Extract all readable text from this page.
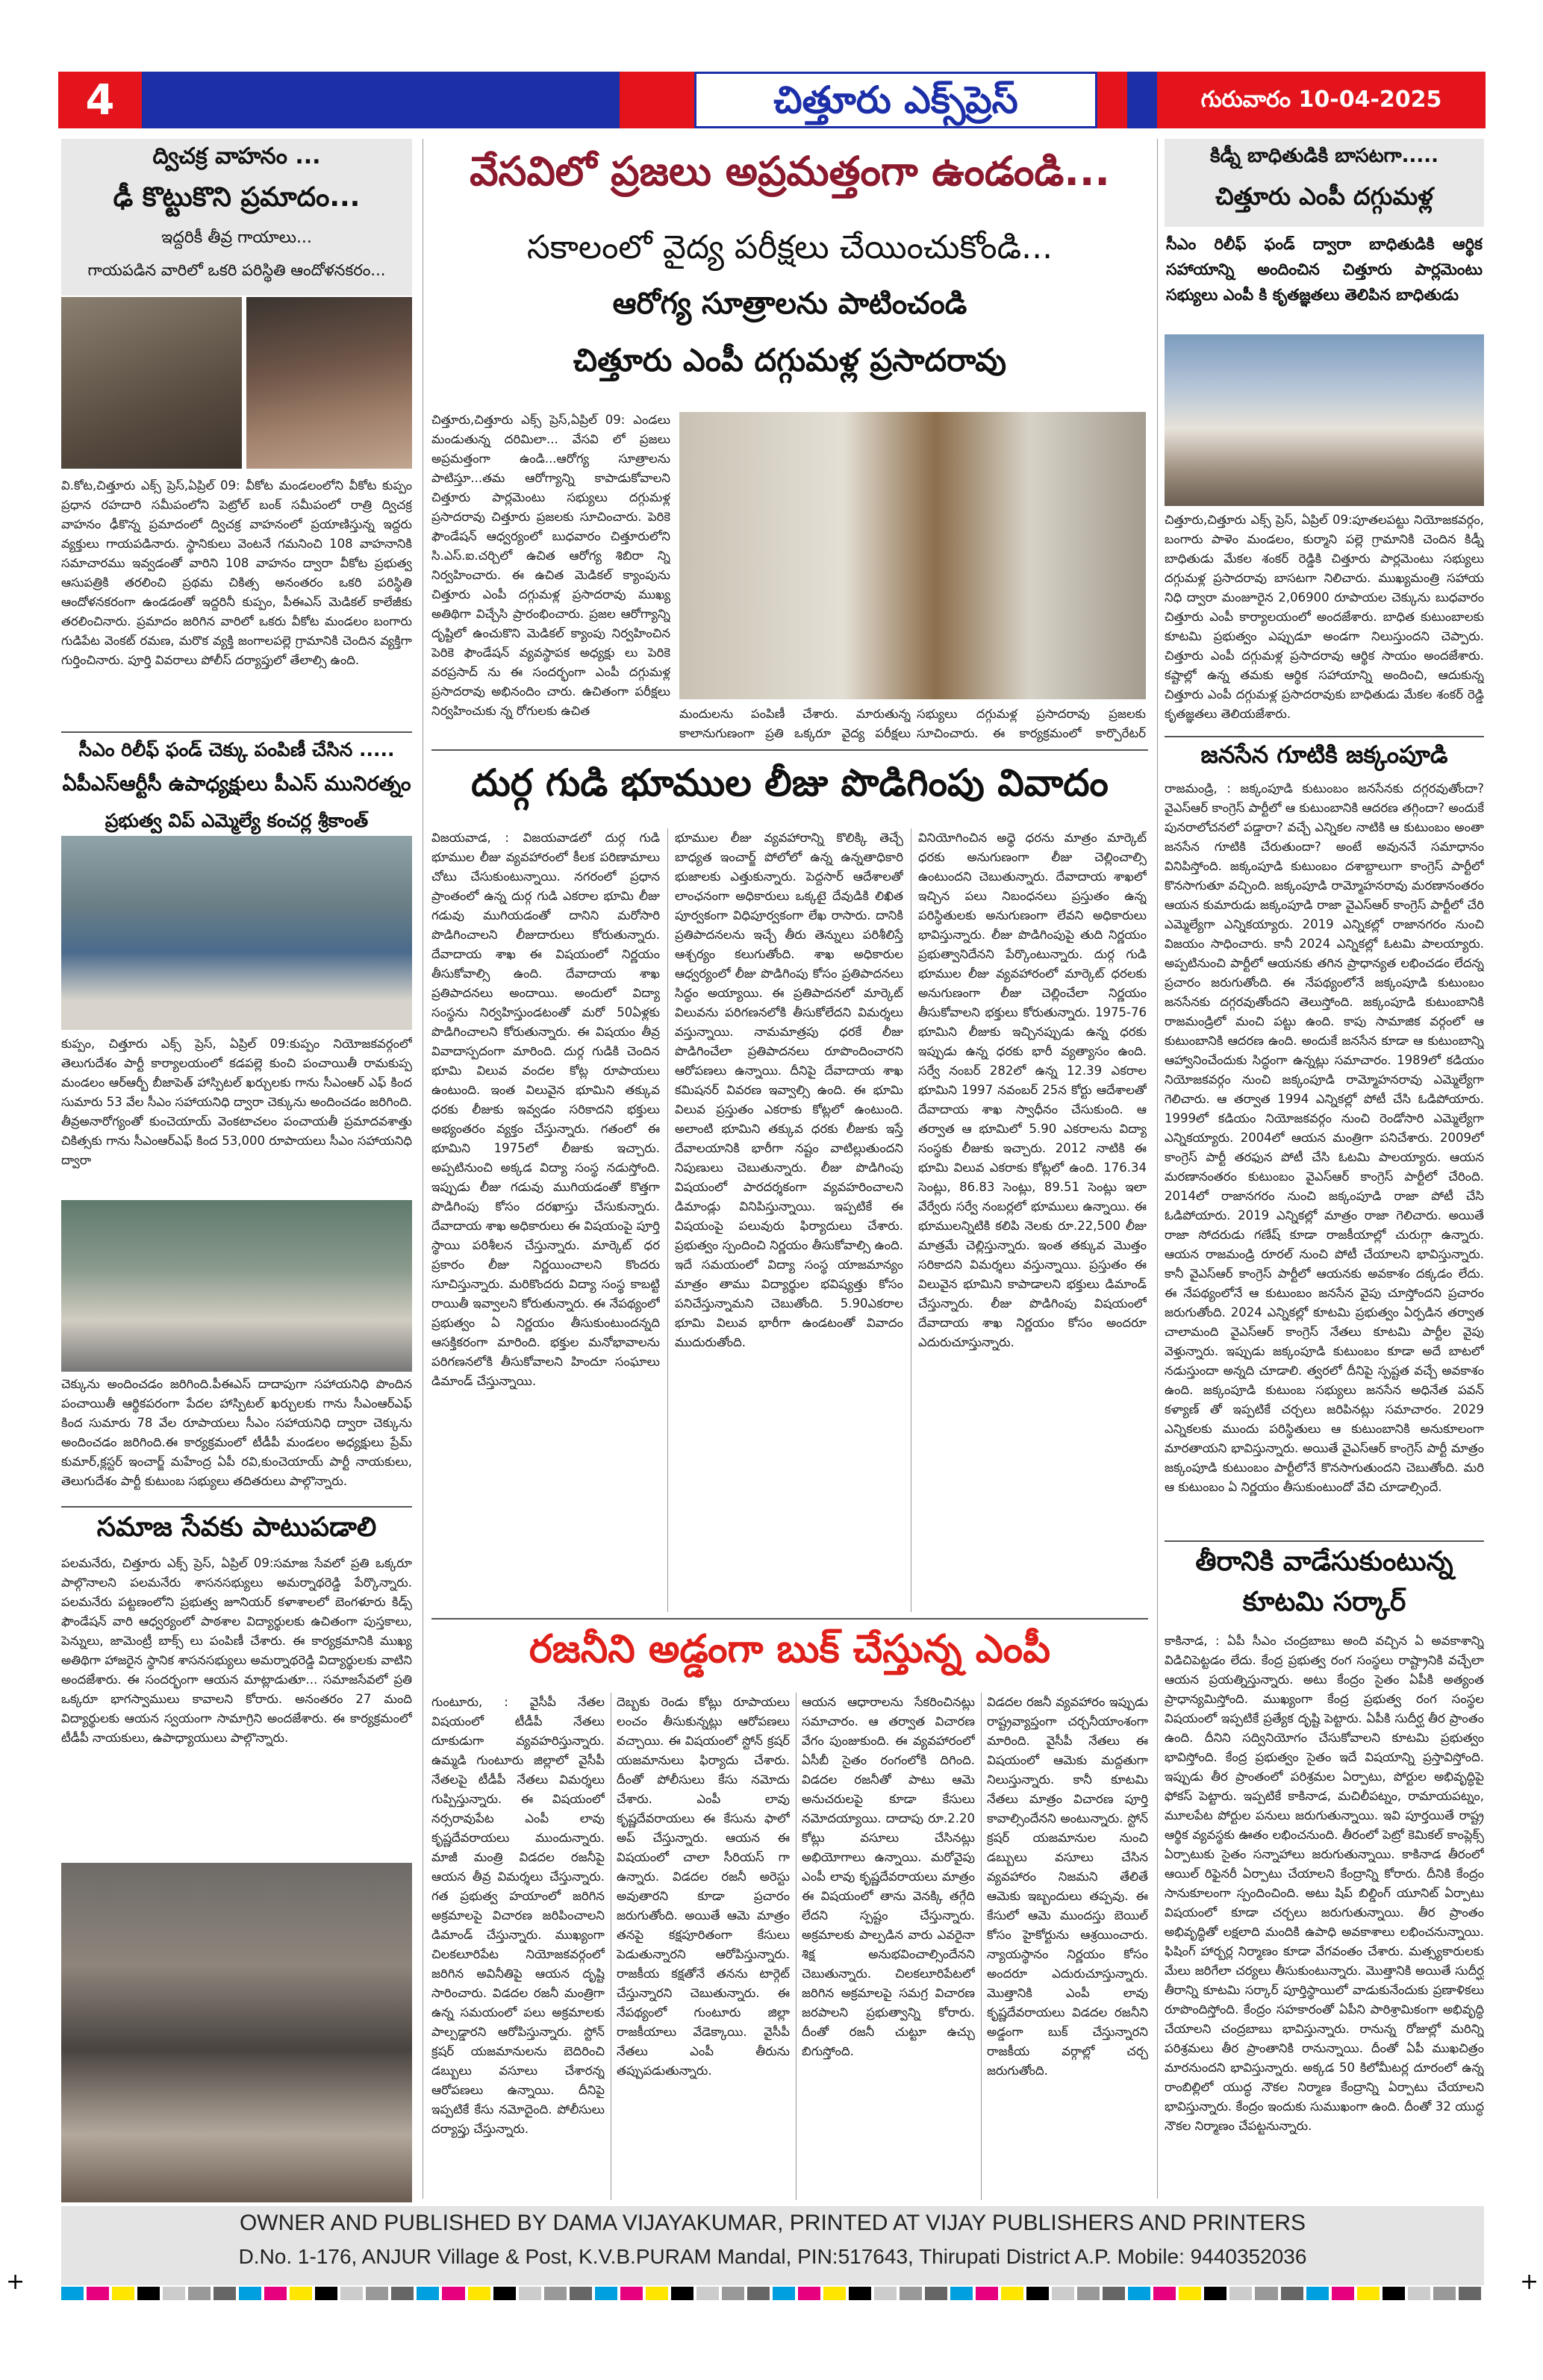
4	చిత్తూరు ఎక్స్‌ప్రెస్	గురువారం 10-04-2025

ద్విచక్ర వాహనం ...

ఢీ కొట్టుకొని ప్రమాదం...

ఇద్దరికీ తీవ్ర గాయాలు...

గాయపడిన వారిలో ఒకరి పరిస్థితి ఆందోళనకరం...

వి.కోట,చిత్తూరు ఎక్స్ ప్రెస్,ఏప్రిల్ 09: వీకోట మండలంలోని వీకోట కుప్పం ప్రధాన రహదారి సమీపంలోని పెట్రోల్ బంక్ సమీపంలో రాత్రి ద్విచక్ర వాహనం ఢీకొన్న ప్రమాదంలో ద్విచక్ర వాహనంలో ప్రయాణిస్తున్న ఇద్దరు వ్యక్తులు గాయపడినారు. స్థానికులు వెంటనే గమనించి 108 వాహనానికి సమాచారము ఇవ్వడంతో వారిని 108 వాహనం ద్వారా వీకోట ప్రభుత్వ ఆసుపత్రికి తరలించి ప్రథమ చికిత్స అనంతరం ఒకరి పరిస్థితి ఆందోళనకరంగా ఉండడంతో ఇద్దరినీ కుప్పం, పీఈఎస్ మెడికల్ కాలేజీకు తరలించినారు. ప్రమాదం జరిగిన వారిలో ఒకరు వీకోట మండలం బంగారు గుడిపేట వెంకట్ రమణ, మరొక వ్యక్తి జంగాలపల్లె గ్రామానికి చెందిన వ్యక్తిగా గుర్తించినారు. పూర్తి వివరాలు పోలీస్ దర్యాప్తులో తేలాల్సి ఉంది.

సీఎం రిలీఫ్ ఫండ్ చెక్కు పంపిణీ చేసిన .....

ఏపీఎస్ఆర్టీసీ ఉపాధ్యక్షులు పీఎస్ మునిరత్నం

ప్రభుత్వ విప్ ఎమ్మెల్యే కంచర్ల శ్రీకాంత్

కుప్పం, చిత్తూరు ఎక్స్ ప్రెస్, ఏప్రిల్ 09:కుప్పం నియోజకవర్గంలో తెలుగుదేశం పార్టీ కార్యాలయంలో కడపల్లె కుంచి పంచాయితీ రామకుప్ప మండలం ఆర్ఆర్బీ బీజాపెత్ హాస్పిటల్ ఖర్చులకు గాను సీఎంఆర్ ఎఫ్ కింద సుమారు 53 వేల సీఎం సహాయనిధి ద్వారా చెక్కును అందించడం జరిగింది. తీవ్రఅనారోగ్యంతో కుంచెయాయ్ వెంకటాచలం పంచాయతీ ప్రమాదవశాత్తు చికిత్సకు గాను సీఎంఆర్ఎఫ్ కింద 53,000 రూపాయలు సీఎం సహాయనిధి ద్వారా

చెక్కును అందించడం జరిగింది.పీఈఎస్ దాదాపుగా సహాయనిధి పొందిన పంచాయితీ ఆర్థికపరంగా పేదల హాస్పిటల్ ఖర్చులకు గాను సీఎంఆర్ఎఫ్ కింద సుమారు 78 వేల రూపాయలు సీఎం సహాయనిధి ద్వారా చెక్కును అందించడం జరిగింది.ఈ కార్యక్రమంలో టీడీపీ మండలం అధ్యక్షులు ప్రేమ్ కుమార్,క్లస్టర్ ఇంచార్జ్ మహేంద్ర ఏపీ రవి,కుంచెయాయ్ పార్టీ నాయకులు, తెలుగుదేశం పార్టీ కుటుంబ సభ్యులు తదితరులు పాల్గొన్నారు.

సమాజ సేవకు పాటుపడాలి

పలమనేరు, చిత్తూరు ఎక్స్ ప్రెస్, ఏప్రిల్ 09:సమాజ సేవలో ప్రతి ఒక్కరూ పాల్గొనాలని పలమనేరు శాసనసభ్యులు అమర్నాథరెడ్డి పేర్కొన్నారు. పలమనేరు పట్టణంలోని ప్రభుత్వ జూనియర్ కళాశాలలో బెంగళూరు కిడ్స్ ఫౌండేషన్ వారి ఆధ్వర్యంలో పాఠశాల విద్యార్థులకు ఉచితంగా పుస్తకాలు, పెన్నులు, జామెంట్రీ బాక్స్ లు పంపిణీ చేశారు. ఈ కార్యక్రమానికి ముఖ్య అతిథిగా హాజరైన స్థానిక శాసనసభ్యులు అమర్నాథరెడ్డి విద్యార్థులకు వాటిని అందజేశారు. ఈ సందర్భంగా ఆయన మాట్లాడుతూ... సమాజసేవలో ప్రతి ఒక్కరూ భాగస్వాములు కావాలని కోరారు. అనంతరం 27 మంది విద్యార్థులకు ఆయన స్వయంగా సామాగ్రిని అందజేశారు. ఈ కార్యక్రమంలో టీడీపీ నాయకులు, ఉపాధ్యాయులు పాల్గొన్నారు.

వేసవిలో ప్రజలు అప్రమత్తంగా ఉండండి...

సకాలంలో వైద్య పరీక్షలు చేయించుకోండి...

ఆరోగ్య సూత్రాలను పాటించండి

చిత్తూరు ఎంపీ దగ్గుమళ్ల ప్రసాదరావు

చిత్తూరు,చిత్తూరు ఎక్స్ ప్రెస్,ఏప్రిల్ 09: ఎండలు మండుతున్న దరిమిలా... వేసవి లో ప్రజలు అప్రమత్తంగా ఉండి...ఆరోగ్య సూత్రాలను పాటిస్తూ...తమ ఆరోగ్యాన్ని కాపాడుకోవాలని చిత్తూరు పార్లమెంటు సభ్యులు దగ్గుమళ్ల ప్రసాదరావు చిత్తూరు ప్రజలకు సూచించారు. పెరికె ఫౌండేషన్ ఆధ్వర్యంలో బుధవారం చిత్తూరులోని సి.ఎస్.ఐ.చర్చిలో ఉచిత ఆరోగ్య శిబిరా న్ని నిర్వహించారు. ఈ ఉచిత మెడికల్ క్యాంపును చిత్తూరు ఎంపీ దగ్గుమళ్ల ప్రసాదరావు ముఖ్య అతిథిగా విచ్చేసి ప్రారంభించారు. ప్రజల ఆరోగ్యాన్ని దృష్టిలో ఉంచుకొని మెడికల్ క్యాంపు నిర్వహించిన పెరికె ఫౌండేషన్ వ్యవస్థాపక అధ్యక్షు లు పెరికె వరప్రసాద్ ను ఈ సందర్భంగా ఎంపీ దగ్గుమళ్ల ప్రసాదరావు అభినందిం చారు. ఉచితంగా పరీక్షలు నిర్వహించుకు న్న రోగులకు ఉచిత	మందులను పంపిణీ చేశారు. మారుతున్న కాలానుగుణంగా ప్రతి ఒక్కరూ వైద్య పరీక్షలు

సభ్యులు దగ్గుమళ్ల ప్రసాదరావు ప్రజలకు సూచించారు. ఈ కార్యక్రమంలో కార్పొరేటర్

దుర్గ గుడి భూముల లీజు పొడిగింపు వివాదం

విజయవాడ, : విజయవాడలో దుర్గ గుడి భూముల లీజు వ్యవహారంలో కీలక పరిణామాలు చోటు చేసుకుంటున్నాయి. నగరంలో ప్రధాన ప్రాంతంలో ఉన్న దుర్గ గుడి ఎకరాల భూమి లీజు గడువు ముగియడంతో దానిని మరోసారి పొడిగించాలని లీజుదారులు కోరుతున్నారు. దేవాదాయ శాఖ ఈ విషయంలో నిర్ణయం తీసుకోవాల్సి ఉంది. దేవాదాయ శాఖ ప్రతిపాదనలు అందాయి. అందులో విద్యా సంస్థను నిర్వహిస్తుండటంతో మరో 50ఏళ్లకు పొడిగించాలని కోరుతున్నారు. ఈ విషయం తీవ్ర వివాదాస్పదంగా మారింది. దుర్గ గుడికి చెందిన భూమి విలువ వందల కోట్ల రూపాయలు ఉంటుంది. ఇంత విలువైన భూమిని తక్కువ ధరకు లీజుకు ఇవ్వడం సరికాదని భక్తులు అభ్యంతరం వ్యక్తం చేస్తున్నారు. గతంలో ఈ భూమిని 1975లో లీజుకు ఇచ్చారు. అప్పటినుంచి అక్కడ విద్యా సంస్థ నడుస్తోంది. ఇప్పుడు లీజు గడువు ముగియడంతో కొత్తగా పొడిగింపు కోసం దరఖాస్తు చేసుకున్నారు. దేవాదాయ శాఖ అధికారులు ఈ విషయంపై పూర్తి స్థాయి పరిశీలన చేస్తున్నారు. మార్కెట్ ధర ప్రకారం లీజు నిర్ణయించాలని కొందరు సూచిస్తున్నారు. మరికొందరు విద్యా సంస్థ కాబట్టి రాయితీ ఇవ్వాలని కోరుతున్నారు. ఈ నేపథ్యంలో ప్రభుత్వం ఏ నిర్ణయం తీసుకుంటుందన్నది ఆసక్తికరంగా మారింది. భక్తుల మనోభావాలను పరిగణనలోకి తీసుకోవాలని హిందూ సంఘాలు డిమాండ్ చేస్తున్నాయి.

భూముల లీజు వ్యవహారాన్ని కొలిక్కి తెచ్చే బాధ్యత ఇంచార్జ్ పోలోలో ఉన్న ఉన్నతాధికారి భుజాలకు ఎత్తుకున్నారు. పెద్దసార్ ఆదేశాలతో లాంఛనంగా అధికారులు ఒక్కటై దేవుడికి లిఖిత పూర్వకంగా విధిపూర్వకంగా లేఖ రాసారు. దానికి ప్రతిపాదనలను ఇచ్చే తీరు తెన్నులు పరిశీలిస్తే ఆశ్చర్యం కలుగుతోంది. శాఖ అధికారుల ఆధ్వర్యంలో లీజు పొడిగింపు కోసం ప్రతిపాదనలు సిద్ధం అయ్యాయి. ఈ ప్రతిపాదనలో మార్కెట్ విలువను పరిగణనలోకి తీసుకోలేదని విమర్శలు వస్తున్నాయి. నామమాత్రపు ధరకే లీజు పొడిగించేలా ప్రతిపాదనలు రూపొందించారని ఆరోపణలు ఉన్నాయి. దీనిపై దేవాదాయ శాఖ కమిషనర్ వివరణ ఇవ్వాల్సి ఉంది. ఈ భూమి విలువ ప్రస్తుతం ఎకరాకు కోట్లలో ఉంటుంది. అలాంటి భూమిని తక్కువ ధరకు లీజుకు ఇస్తే దేవాలయానికి భారీగా నష్టం వాటిల్లుతుందని నిపుణులు చెబుతున్నారు. లీజు పొడిగింపు విషయంలో పారదర్శకంగా వ్యవహరించాలని డిమాండ్లు వినిపిస్తున్నాయి. ఇప్పటికే ఈ విషయంపై పలువురు ఫిర్యాదులు చేశారు. ప్రభుత్వం స్పందించి నిర్ణయం తీసుకోవాల్సి ఉంది. ఇదే సమయంలో విద్యా సంస్థ యాజమాన్యం మాత్రం తాము విద్యార్థుల భవిష్యత్తు కోసం పనిచేస్తున్నామని చెబుతోంది. 5.90ఎకరాల భూమి విలువ భారీగా ఉండటంతో వివాదం ముదురుతోంది.

వినియోగించిన అధ్ధె ధరను మాత్రం మార్కెట్ ధరకు అనుగుణంగా లీజు చెల్లించాల్సి ఉంటుందని చెబుతున్నారు. దేవాదాయ శాఖలో ఇచ్చిన పలు నిబంధనలు ప్రస్తుతం ఉన్న పరిస్థితులకు అనుగుణంగా లేవని అధికారులు భావిస్తున్నారు. లీజు పొడిగింపుపై తుది నిర్ణయం ప్రభుత్వానిదేనని పేర్కొంటున్నారు. దుర్గ గుడి భూముల లీజు వ్యవహారంలో మార్కెట్ ధరలకు అనుగుణంగా లీజు చెల్లించేలా నిర్ణయం తీసుకోవాలని భక్తులు కోరుతున్నారు. 1975-76 భూమిని లీజుకు ఇచ్చినప్పుడు ఉన్న ధరకు ఇప్పుడు ఉన్న ధరకు భారీ వ్యత్యాసం ఉంది. సర్వే నంబర్ 282లో ఉన్న 12.39 ఎకరాల భూమిని 1997 నవంబర్ 25న కోర్టు ఆదేశాలతో దేవాదాయ శాఖ స్వాధీనం చేసుకుంది. ఆ తర్వాత ఆ భూమిలో 5.90 ఎకరాలను విద్యా సంస్థకు లీజుకు ఇచ్చారు. 2012 నాటికి ఈ భూమి విలువ ఎకరాకు కోట్లలో ఉంది. 176.34 సెంట్లు, 86.83 సెంట్లు, 89.51 సెంట్లు ఇలా వేర్వేరు సర్వే నంబర్లలో భూములు ఉన్నాయి. ఈ భూములన్నిటికి కలిపి నెలకు రూ.22,500 లీజు మాత్రమే చెల్లిస్తున్నారు. ఇంత తక్కువ మొత్తం సరికాదని విమర్శలు వస్తున్నాయి. ప్రస్తుతం ఈ విలువైన భూమిని కాపాడాలని భక్తులు డిమాండ్ చేస్తున్నారు. లీజు పొడిగింపు విషయంలో దేవాదాయ శాఖ నిర్ణయం కోసం అందరూ ఎదురుచూస్తున్నారు.

రజనీని అడ్డంగా బుక్ చేస్తున్న ఎంపీ

గుంటూరు, : వైసీపీ నేతల విషయంలో టీడీపీ నేతలు దూకుడుగా వ్యవహరిస్తున్నారు. ఉమ్మడి గుంటూరు జిల్లాలో వైసీపీ నేతలపై టీడీపీ నేతలు విమర్శలు గుప్పిస్తున్నారు. ఈ విషయంలో నర్సరావుపేట ఎంపీ లావు కృష్ణదేవరాయలు ముందున్నారు. మాజీ మంత్రి విడదల రజనీపై ఆయన తీవ్ర విమర్శలు చేస్తున్నారు. గత ప్రభుత్వ హయాంలో జరిగిన అక్రమాలపై విచారణ జరిపించాలని డిమాండ్ చేస్తున్నారు. ముఖ్యంగా చిలకలూరిపేట నియోజకవర్గంలో జరిగిన అవినీతిపై ఆయన దృష్టి సారించారు. విడదల రజనీ మంత్రిగా ఉన్న సమయంలో పలు అక్రమాలకు పాల్పడ్డారని ఆరోపిస్తున్నారు. స్టోన్ క్రషర్ యజమానులను బెదిరించి డబ్బులు వసూలు చేశారన్న ఆరోపణలు ఉన్నాయి. దీనిపై ఇప్పటికే కేసు నమోదైంది. పోలీసులు దర్యాప్తు చేస్తున్నారు.

దెబ్బకు రెండు కోట్లు రూపాయలు లంచం తీసుకున్నట్లు ఆరోపణలు వచ్చాయి. ఈ విషయంలో స్టోన్ క్రషర్ యజమానులు ఫిర్యాదు చేశారు. దీంతో పోలీసులు కేసు నమోదు చేశారు. ఎంపీ లావు కృష్ణదేవరాయలు ఈ కేసును ఫాలో అప్ చేస్తున్నారు. ఆయన ఈ విషయంలో చాలా సీరియస్ గా ఉన్నారు. విడదల రజనీ అరెస్టు అవుతారని కూడా ప్రచారం జరుగుతోంది. అయితే ఆమె మాత్రం తనపై కక్షపూరితంగా కేసులు పెడుతున్నారని ఆరోపిస్తున్నారు. రాజకీయ కక్షతోనే తనను టార్గెట్ చేస్తున్నారని చెబుతున్నారు. ఈ నేపథ్యంలో గుంటూరు జిల్లా రాజకీయాలు వేడెక్కాయి. వైసీపీ నేతలు ఎంపీ తీరును తప్పుపడుతున్నారు.

ఆయన ఆధారాలను సేకరించినట్లు సమాచారం. ఆ తర్వాత విచారణ వేగం పుంజుకుంది. ఈ వ్యవహారంలో ఏసీబీ సైతం రంగంలోకి దిగింది. విడదల రజనీతో పాటు ఆమె అనుచరులపై కూడా కేసులు నమోదయ్యాయి. దాదాపు రూ.2.20 కోట్లు వసూలు చేసినట్లు అభియోగాలు ఉన్నాయి. మరోవైపు ఎంపీ లావు కృష్ణదేవరాయలు మాత్రం ఈ విషయంలో తాను వెనక్కి తగ్గేది లేదని స్పష్టం చేస్తున్నారు. అక్రమాలకు పాల్పడిన వారు ఎవరైనా శిక్ష అనుభవించాల్సిందేనని చెబుతున్నారు. చిలకలూరిపేటలో జరిగిన అక్రమాలపై సమగ్ర విచారణ జరపాలని ప్రభుత్వాన్ని కోరారు. దీంతో రజనీ చుట్టూ ఉచ్చు బిగుస్తోంది.

విడదల రజనీ వ్యవహారం ఇప్పుడు రాష్ట్రవ్యాప్తంగా చర్చనీయాంశంగా మారింది. వైసీపీ నేతలు ఈ విషయంలో ఆమెకు మద్దతుగా నిలుస్తున్నారు. కానీ కూటమి నేతలు మాత్రం విచారణ పూర్తి కావాల్సిందేనని అంటున్నారు. స్టోన్ క్రషర్ యజమానుల నుంచి డబ్బులు వసూలు చేసిన వ్యవహారం నిజమని తేలితే ఆమెకు ఇబ్బందులు తప్పవు. ఈ కేసులో ఆమె ముందస్తు బెయిల్ కోసం హైకోర్టును ఆశ్రయించారు. న్యాయస్థానం నిర్ణయం కోసం అందరూ ఎదురుచూస్తున్నారు. మొత్తానికి ఎంపీ లావు కృష్ణదేవరాయలు విడదల రజనీని అడ్డంగా బుక్ చేస్తున్నారని రాజకీయ వర్గాల్లో చర్చ జరుగుతోంది.

కిడ్నీ బాధితుడికి బాసటగా.....

చిత్తూరు ఎంపీ దగ్గుమళ్ల

సీఎం రిలీఫ్ ఫండ్ ద్వారా బాధితుడికి ఆర్థిక సహాయాన్ని అందించిన చిత్తూరు పార్లమెంటు సభ్యులు ఎంపీ కి కృతజ్ఞతలు తెలిపిన బాధితుడు

చిత్తూరు,చిత్తూరు ఎక్స్ ప్రెస్, ఏప్రిల్ 09:పూతలపట్టు నియోజకవర్గం, బంగారు పాళెం మండలం, కుర్మాని పల్లె గ్రామానికి చెందిన కిడ్నీ బాధితుడు మేకల శంకర్ రెడ్డికి చిత్తూరు పార్లమెంటు సభ్యులు దగ్గుమళ్ల ప్రసాదరావు బాసటగా నిలిచారు. ముఖ్యమంత్రి సహాయ నిధి ద్వారా మంజూరైన 2,06900 రూపాయల చెక్కును బుధవారం చిత్తూరు ఎంపీ కార్యాలయంలో అందజేశారు. బాధిత కుటుంబాలకు కూటమి ప్రభుత్వం ఎప్పుడూ అండగా నిలుస్తుందని చెప్పారు. చిత్తూరు ఎంపీ దగ్గుమళ్ల ప్రసాదరావు ఆర్థిక సాయం అందజేశారు. కష్టాల్లో ఉన్న తమకు ఆర్థిక సహాయాన్ని అందించి, ఆదుకున్న చిత్తూరు ఎంపీ దగ్గుమళ్ల ప్రసాదరావుకు బాధితుడు మేకల శంకర్ రెడ్డి కృతజ్ఞతలు తెలియజేశారు.

జనసేన గూటికి జక్కంపూడి

రాజమండ్రి, : జక్కంపూడి కుటుంబం జనసేనకు దగ్గరవుతోందా? వైఎస్ఆర్ కాంగ్రెస్ పార్టీలో ఆ కుటుంబానికి ఆదరణ తగ్గిందా? అందుకే పునరాలోచనలో పడ్డారా? వచ్చే ఎన్నికల నాటికి ఆ కుటుంబం అంతా జనసేన గూటికి చేరుతుందా? అంటే అవుననే సమాధానం వినిపిస్తోంది. జక్కంపూడి కుటుంబం దశాబ్దాలుగా కాంగ్రెస్ పార్టీలో కొనసాగుతూ వచ్చింది. జక్కంపూడి రామ్మోహనరావు మరణానంతరం ఆయన కుమారుడు జక్కంపూడి రాజా వైఎస్ఆర్ కాంగ్రెస్ పార్టీలో చేరి ఎమ్మెల్యేగా ఎన్నికయ్యారు. 2019 ఎన్నికల్లో రాజానగరం నుంచి విజయం సాధించారు. కానీ 2024 ఎన్నికల్లో ఓటమి పాలయ్యారు. అప్పటినుంచి పార్టీలో ఆయనకు తగిన ప్రాధాన్యత లభించడం లేదన్న ప్రచారం జరుగుతోంది. ఈ నేపథ్యంలోనే జక్కంపూడి కుటుంబం జనసేనకు దగ్గరవుతోందని తెలుస్తోంది. జక్కంపూడి కుటుంబానికి రాజమండ్రిలో మంచి పట్టు ఉంది. కాపు సామాజిక వర్గంలో ఆ కుటుంబానికి ఆదరణ ఉంది. అందుకే జనసేన కూడా ఆ కుటుంబాన్ని ఆహ్వానించేందుకు సిద్ధంగా ఉన్నట్లు సమాచారం. 1989లో కడియం నియోజకవర్గం నుంచి జక్కంపూడి రామ్మోహనరావు ఎమ్మెల్యేగా గెలిచారు. ఆ తర్వాత 1994 ఎన్నికల్లో పోటీ చేసి ఓడిపోయారు. 1999లో కడియం నియోజకవర్గం నుంచి రెండోసారి ఎమ్మెల్యేగా ఎన్నికయ్యారు. 2004లో ఆయన మంత్రిగా పనిచేశారు. 2009లో కాంగ్రెస్ పార్టీ తరఫున పోటీ చేసి ఓటమి పాలయ్యారు. ఆయన మరణానంతరం కుటుంబం వైఎస్ఆర్ కాంగ్రెస్ పార్టీలో చేరింది. 2014లో రాజానగరం నుంచి జక్కంపూడి రాజా పోటీ చేసి ఓడిపోయారు. 2019 ఎన్నికల్లో మాత్రం రాజా గెలిచారు. అయితే రాజా సోదరుడు గణేష్ కూడా రాజకీయాల్లో చురుగ్గా ఉన్నారు. ఆయన రాజమండ్రి రూరల్ నుంచి పోటీ చేయాలని భావిస్తున్నారు. కానీ వైఎస్ఆర్ కాంగ్రెస్ పార్టీలో ఆయనకు అవకాశం దక్కడం లేదు. ఈ నేపథ్యంలోనే ఆ కుటుంబం జనసేన వైపు చూస్తోందని ప్రచారం జరుగుతోంది. 2024 ఎన్నికల్లో కూటమి ప్రభుత్వం ఏర్పడిన తర్వాత చాలామంది వైఎస్ఆర్ కాంగ్రెస్ నేతలు కూటమి పార్టీల వైపు వెళ్తున్నారు. ఇప్పుడు జక్కంపూడి కుటుంబం కూడా అదే బాటలో నడుస్తుందా అన్నది చూడాలి. త్వరలో దీనిపై స్పష్టత వచ్చే అవకాశం ఉంది. జక్కంపూడి కుటుంబ సభ్యులు జనసేన అధినేత పవన్ కళ్యాణ్ తో ఇప్పటికే చర్చలు జరిపినట్లు సమాచారం. 2029 ఎన్నికలకు ముందు పరిస్థితులు ఆ కుటుంబానికి అనుకూలంగా మారతాయని భావిస్తున్నారు. అయితే వైఎస్ఆర్ కాంగ్రెస్ పార్టీ మాత్రం జక్కంపూడి కుటుంబం పార్టీలోనే కొనసాగుతుందని చెబుతోంది. మరి ఆ కుటుంబం ఏ నిర్ణయం తీసుకుంటుందో వేచి చూడాల్సిందే.

తీరానికి వాడేసుకుంటున్న

కూటమి సర్కార్

కాకినాడ, : ఏపీ సీఎం చంద్రబాబు అంది వచ్చిన ఏ అవకాశాన్ని విడిచిపెట్టడం లేదు. కేంద్ర ప్రభుత్వ రంగ సంస్థలు రాష్ట్రానికి వచ్చేలా ఆయన ప్రయత్నిస్తున్నారు. అటు కేంద్రం సైతం ఏపీకి అత్యంత ప్రాధాన్యమిస్తోంది. ముఖ్యంగా కేంద్ర ప్రభుత్వ రంగ సంస్థల విషయంలో ఇప్పటికే ప్రత్యేక దృష్టి పెట్టారు. ఏపీకి సుదీర్ఘ తీర ప్రాంతం ఉంది. దీనిని సద్వినియోగం చేసుకోవాలని కూటమి ప్రభుత్వం భావిస్తోంది. కేంద్ర ప్రభుత్వం సైతం ఇదే విషయాన్ని ప్రస్తావిస్తోంది. ఇప్పుడు తీర ప్రాంతంలో పరిశ్రమల ఏర్పాటు, పోర్టుల అభివృద్ధిపై ఫోకస్ పెట్టారు. ఇప్పటికే కాకినాడ, మచిలీపట్నం, రామాయపట్నం, మూలపేట పోర్టుల పనులు జరుగుతున్నాయి. ఇవి పూర్తయితే రాష్ట్ర ఆర్థిక వ్యవస్థకు ఊతం లభించనుంది. తీరంలో పెట్రో కెమికల్ కాంప్లెక్స్ ఏర్పాటుకు సైతం సన్నాహాలు జరుగుతున్నాయి. కాకినాడ తీరంలో ఆయిల్ రిఫైనరీ ఏర్పాటు చేయాలని కేంద్రాన్ని కోరారు. దీనికి కేంద్రం సానుకూలంగా స్పందించింది. అటు షిప్ బిల్డింగ్ యూనిట్ ఏర్పాటు విషయంలో కూడా చర్చలు జరుగుతున్నాయి. తీర ప్రాంతం అభివృద్ధితో లక్షలాది మందికి ఉపాధి అవకాశాలు లభించనున్నాయి. ఫిషింగ్ హార్బర్ల నిర్మాణం కూడా వేగవంతం చేశారు. మత్స్యకారులకు మేలు జరిగేలా చర్యలు తీసుకుంటున్నారు. మొత్తానికి అయితే సుదీర్ఘ తీరాన్ని కూటమి సర్కార్ పూర్తిస్థాయిలో వాడుకునేందుకు ప్రణాళికలు రూపొందిస్తోంది. కేంద్రం సహకారంతో ఏపీని పారిశ్రామికంగా అభివృద్ధి చేయాలని చంద్రబాబు భావిస్తున్నారు. రానున్న రోజుల్లో మరిన్ని పరిశ్రమలు తీర ప్రాంతానికి రానున్నాయి. దీంతో ఏపీ ముఖచిత్రం మారనుందని భావిస్తున్నారు. అక్కడ 50 కిలోమీటర్ల దూరంలో ఉన్న రాంబిల్లిలో యుద్ధ నౌకల నిర్మాణ కేంద్రాన్ని ఏర్పాటు చేయాలని భావిస్తున్నారు. కేంద్రం ఇందుకు సుముఖంగా ఉంది. దీంతో 32 యుద్ధ నౌకల నిర్మాణం చేపట్టనున్నారు.

OWNER AND PUBLISHED BY DAMA VIJAYAKUMAR, PRINTED AT VIJAY PUBLISHERS AND PRINTERS

D.No. 1-176, ANJUR Village & Post, K.V.B.PURAM Mandal, PIN:517643, Thirupati District A.P. Mobile: 9440352036

+	+
